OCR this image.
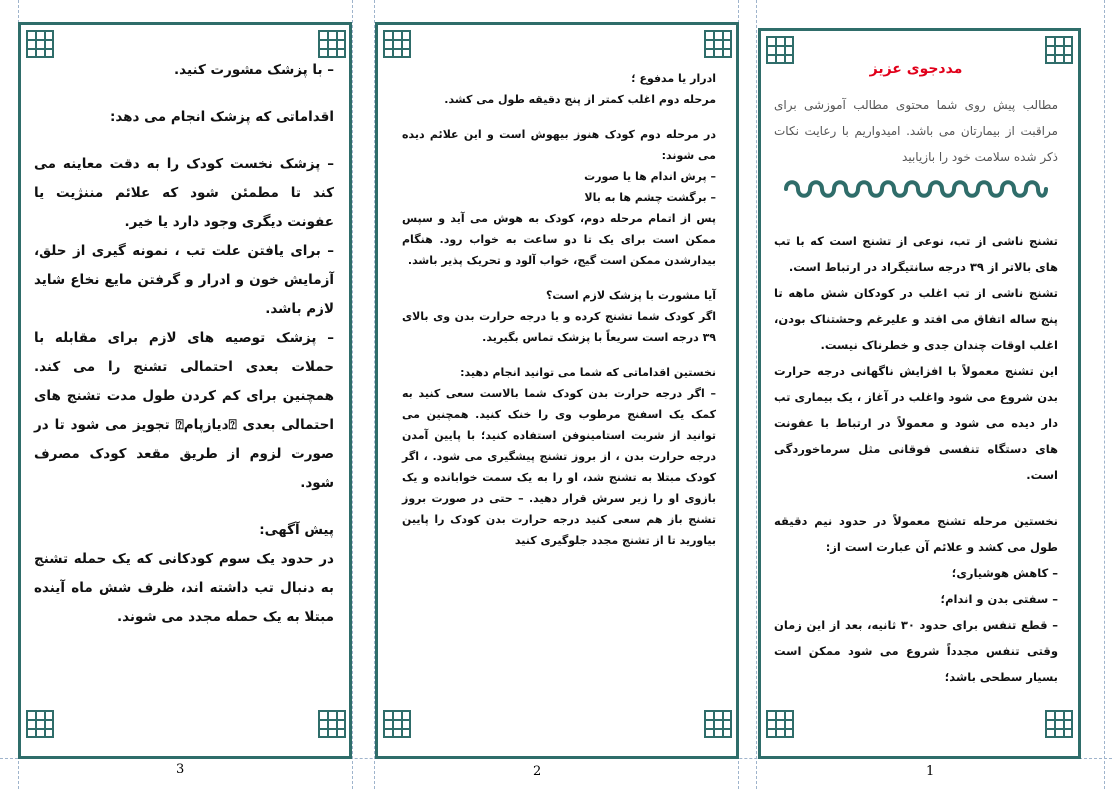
– با پزشک مشورت کنید.

اقداماتی که پزشک انجام می دهد:

– پزشک نخست کودک را به دقت معاینه می کند تا مطمئن شود که علائم مننژیت یا عفونت دیگری وجود دارد یا خیر.

– برای یافتن علت تب ، نمونه گیری از حلق، آزمایش خون و ادرار و گرفتن مایع نخاع شاید لازم باشد.

– پزشک توصیه های لازم برای مقابله با حملات بعدی احتمالی تشنج را می کند. همچنین برای کم کردن طول مدت تشنج های احتمالی بعدی ⍰دیازپام⍰ تجویز می شود تا در صورت لزوم از طریق مقعد کودک مصرف شود.

پیش آگهی:

در حدود یک سوم کودکانی که یک حمله تشنج به دنبال تب داشته اند، ظرف شش ماه آینده مبتلا به یک حمله مجدد می شوند.

3

ادرار یا مدفوع ؛

مرحله دوم اغلب کمتر از پنج دقیقه طول می کشد.

در مرحله دوم کودک هنوز بیهوش است و این علائم دیده می شوند:

– پرش اندام ها یا صورت

– برگشت چشم ها به بالا

پس از اتمام مرحله دوم، کودک به هوش می آید و سپس ممکن است برای یک تا دو ساعت به خواب رود. هنگام بیدارشدن ممکن است گیج، خواب آلود و تحریک پذیر باشد.

آیا مشورت با پزشک لازم است؟

اگر کودک شما تشنج کرده و یا درجه حرارت بدن وی بالای ۳۹ درجه است سریعاً با پزشک تماس بگیرید.

نخستین اقداماتی که شما می توانید انجام دهید:

– اگر درجه حرارت بدن کودک شما بالاست سعی کنید به کمک یک اسفنج مرطوب وی را خنک کنید. همچنین می توانید از شربت استامینوفن استفاده کنید؛ با پایین آمدن درجه حرارت بدن ، از بروز تشنج پیشگیری می شود. ، اگر کودک مبتلا به تشنج شد، او را به یک سمت خوابانده و یک بازوی او را زیر سرش قرار دهید. – حتی در صورت بروز تشنج باز هم سعی کنید درجه حرارت بدن کودک را پایین بیاورید تا از تشنج مجدد جلوگیری کنید

2

مددجوی عزیز

مطالب پیش روی شما محتوی مطالب آموزشی برای مراقبت از بیمارتان می باشد. امیدواریم با رعایت نکات ذکر شده سلامت خود را بازیابید

تشنج ناشی از تب، نوعی از تشنج است که با تب های بالاتر از ۳۹ درجه سانتیگراد در ارتباط است.

تشنج ناشی از تب اغلب در کودکان شش ماهه تا پنج ساله اتفاق می افتد و علیرغم وحشتناک بودن، اغلب اوقات چندان جدی و خطرناک نیست.

این تشنج معمولاً با افزایش ناگهانی درجه حرارت بدن شروع می شود واغلب در آغاز ، یک بیماری تب دار دیده می شود و معمولاً در ارتباط با عفونت های دستگاه تنفسی فوقانی مثل سرماخوردگی است.

نخستین مرحله تشنج معمولاً در حدود نیم دقیقه طول می کشد و علائم آن عبارت است از:

– کاهش هوشیاری؛

– سفتی بدن و اندام؛

– قطع تنفس برای حدود ۳۰ ثانیه، بعد از این زمان وقتی تنفس مجدداً شروع می شود ممکن است بسیار سطحی باشد؛

1
